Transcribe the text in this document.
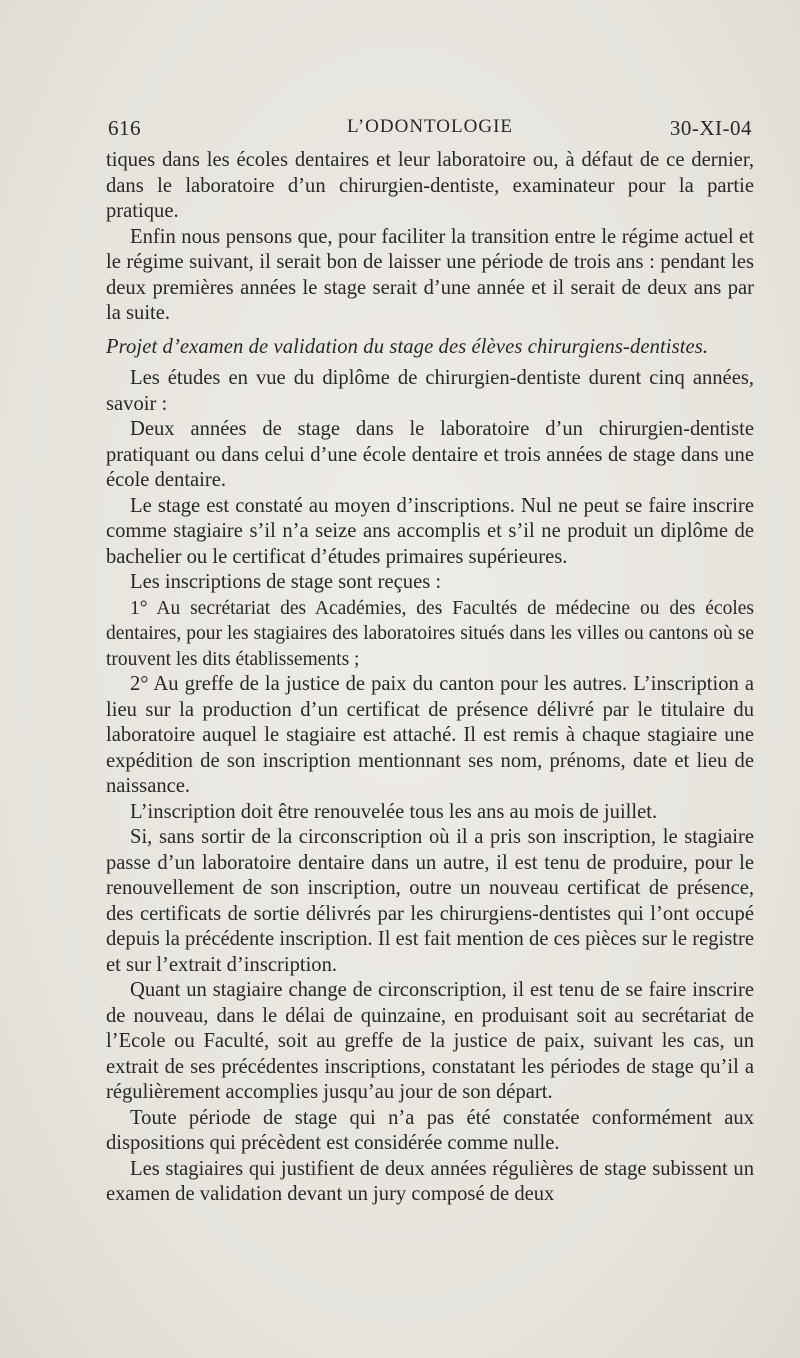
616	L’ODONTOLOGIE	30-XI-04

tiques dans les écoles dentaires et leur laboratoire ou, à défaut de ce dernier, dans le laboratoire d’un chirurgien-dentiste, examinateur pour la partie pratique.

Enfin nous pensons que, pour faciliter la transition entre le régime actuel et le régime suivant, il serait bon de laisser une période de trois ans : pendant les deux premières années le stage serait d’une année et il serait de deux ans par la suite.

Projet d’examen de validation du stage des élèves chirurgiens-dentistes.

Les études en vue du diplôme de chirurgien-dentiste durent cinq années, savoir :

Deux années de stage dans le laboratoire d’un chirurgien-dentiste pratiquant ou dans celui d’une école dentaire et trois années de stage dans une école dentaire.

Le stage est constaté au moyen d’inscriptions. Nul ne peut se faire inscrire comme stagiaire s’il n’a seize ans accomplis et s’il ne produit un diplôme de bachelier ou le certificat d’études primaires supérieures.

Les inscriptions de stage sont reçues :

1° Au secrétariat des Académies, des Facultés de médecine ou des écoles dentaires, pour les stagiaires des laboratoires situés dans les villes ou cantons où se trouvent les dits établissements ;

2° Au greffe de la justice de paix du canton pour les autres. L’inscription a lieu sur la production d’un certificat de présence délivré par le titulaire du laboratoire auquel le stagiaire est attaché. Il est remis à chaque stagiaire une expédition de son inscription mentionnant ses nom, prénoms, date et lieu de naissance.

L’inscription doit être renouvelée tous les ans au mois de juillet.

Si, sans sortir de la circonscription où il a pris son inscription, le stagiaire passe d’un laboratoire dentaire dans un autre, il est tenu de produire, pour le renouvellement de son inscription, outre un nouveau certificat de présence, des certificats de sortie délivrés par les chirurgiens-dentistes qui l’ont occupé depuis la précédente inscription. Il est fait mention de ces pièces sur le registre et sur l’extrait d’inscription.

Quant un stagiaire change de circonscription, il est tenu de se faire inscrire de nouveau, dans le délai de quinzaine, en produisant soit au secrétariat de l’Ecole ou Faculté, soit au greffe de la justice de paix, suivant les cas, un extrait de ses précédentes inscriptions, constatant les périodes de stage qu’il a régulièrement accomplies jusqu’au jour de son départ.

Toute période de stage qui n’a pas été constatée conformément aux dispositions qui précèdent est considérée comme nulle.

Les stagiaires qui justifient de deux années régulières de stage subissent un examen de validation devant un jury composé de deux
